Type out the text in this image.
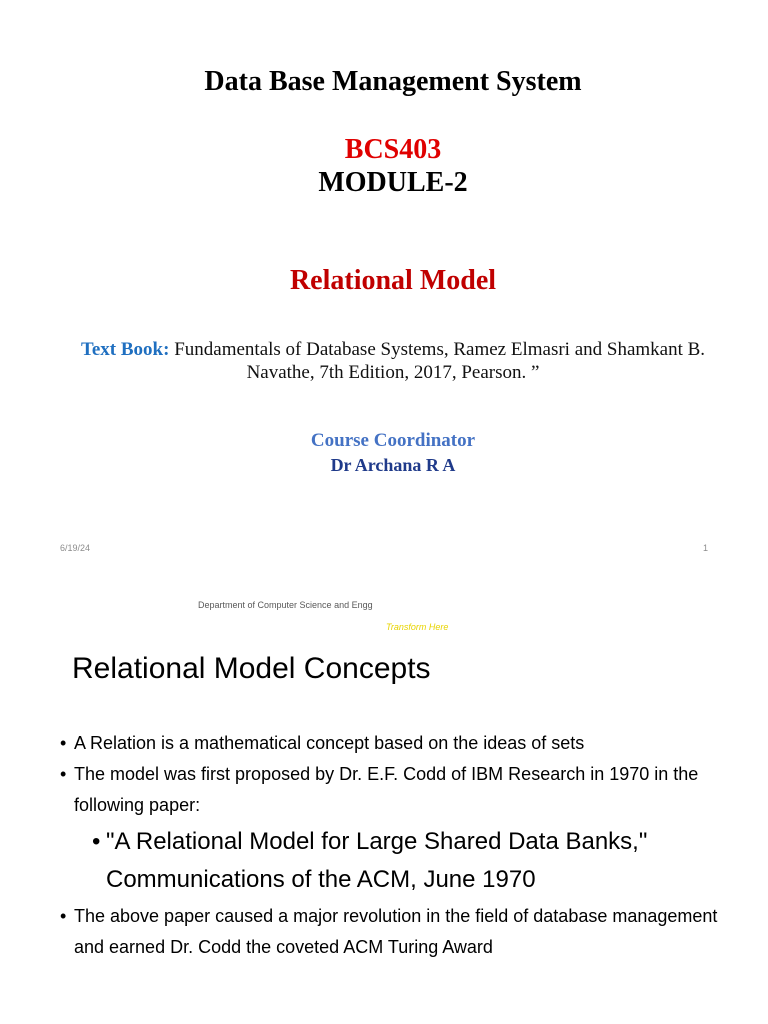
Data Base Management System
BCS403
MODULE-2
Relational Model
Text Book: Fundamentals of Database Systems, Ramez Elmasri and Shamkant B. Navathe, 7th Edition, 2017, Pearson. ”
Course Coordinator
Dr Archana R A
6/19/24	1
Department of Computer Science and Engg
Transform Here
Relational Model Concepts
• A Relation is a mathematical concept based on the ideas of sets
• The model was first proposed by Dr. E.F. Codd of IBM Research in 1970 in the following paper:
• "A Relational Model for Large Shared Data Banks," Communications of the ACM, June 1970
• The above paper caused a major revolution in the field of database management and earned Dr. Codd the coveted ACM Turing Award
